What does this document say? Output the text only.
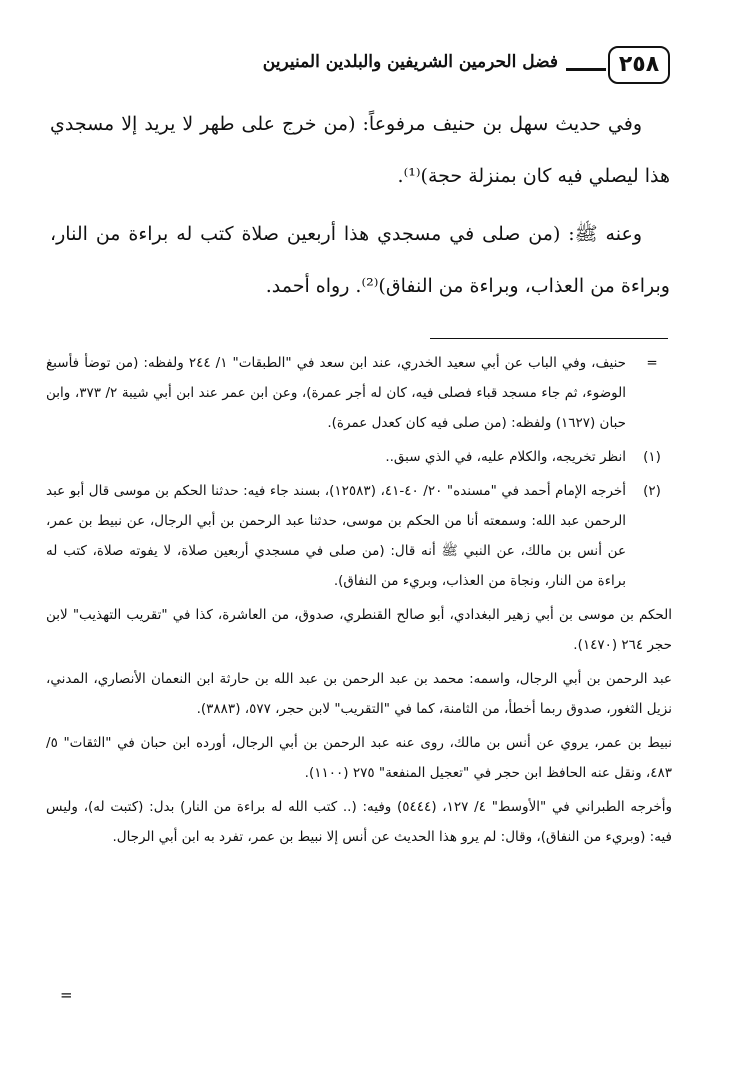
٢٥٨
فضل الحرمين الشريفين والبلدين المنيرين

وفي حديث سهل بن حنيف مرفوعاً: (من خرج على طهر لا يريد إلا مسجدي هذا ليصلي فيه كان بمنزلة حجة)⁽¹⁾.

وعنه ﷺ: (من صلى في مسجدي هذا أربعين صلاة كتب له براءة من النار، وبراءة من العذاب، وبراءة من النفاق)⁽²⁾. رواه أحمد.

=
حنيف، وفي الباب عن أبي سعيد الخدري، عند ابن سعد في "الطبقات" ١/ ٢٤٤ ولفظه: (من توضأ فأسبغ الوضوء، ثم جاء مسجد قباء فصلى فيه، كان له أجر عمرة)، وعن ابن عمر عند ابن أبي شيبة ٢/ ٣٧٣، وابن حبان (١٦٢٧) ولفظه: (من صلى فيه كان كعدل عمرة).
(١)
انظر تخريجه، والكلام عليه، في الذي سبق..
(٢)
أخرجه الإمام أحمد في "مسنده" ٢٠/ ٤٠-٤١، (١٢٥٨٣)، بسند جاء فيه: حدثنا الحكم بن موسى قال أبو عبد الرحمن عبد الله: وسمعته أنا من الحكم بن موسى، حدثنا عبد الرحمن بن أبي الرجال، عن نبيط بن عمر، عن أنس بن مالك، عن النبي ﷺ أنه قال: (من صلى في مسجدي أربعين صلاة، لا يفوته صلاة، كتب له براءة من النار، ونجاة من العذاب، وبريء من النفاق).

الحكم بن موسى بن أبي زهير البغدادي، أبو صالح القنطري، صدوق، من العاشرة، كذا في "تقريب التهذيب" لابن حجر ٢٦٤ (١٤٧٠).

عبد الرحمن بن أبي الرجال، واسمه: محمد بن عبد الرحمن بن عبد الله بن حارثة ابن النعمان الأنصاري، المدني، نزيل الثغور، صدوق ربما أخطأ، من الثامنة، كما في "التقريب" لابن حجر، ٥٧٧، (٣٨٨٣).

نبيط بن عمر، يروي عن أنس بن مالك، روى عنه عبد الرحمن بن أبي الرجال، أورده ابن حبان في "الثقات" ٥/ ٤٨٣، ونقل عنه الحافظ ابن حجر في "تعجيل المنفعة" ٢٧٥ (١١٠٠).

وأخرجه الطبراني في "الأوسط" ٤/ ١٢٧، (٥٤٤٤) وفيه: (.. كتب الله له براءة من النار) بدل: (كتبت له)، وليس فيه: (وبريء من النفاق)، وقال: لم يرو هذا الحديث عن أنس إلا نبيط بن عمر، تفرد به ابن أبي الرجال.

=
